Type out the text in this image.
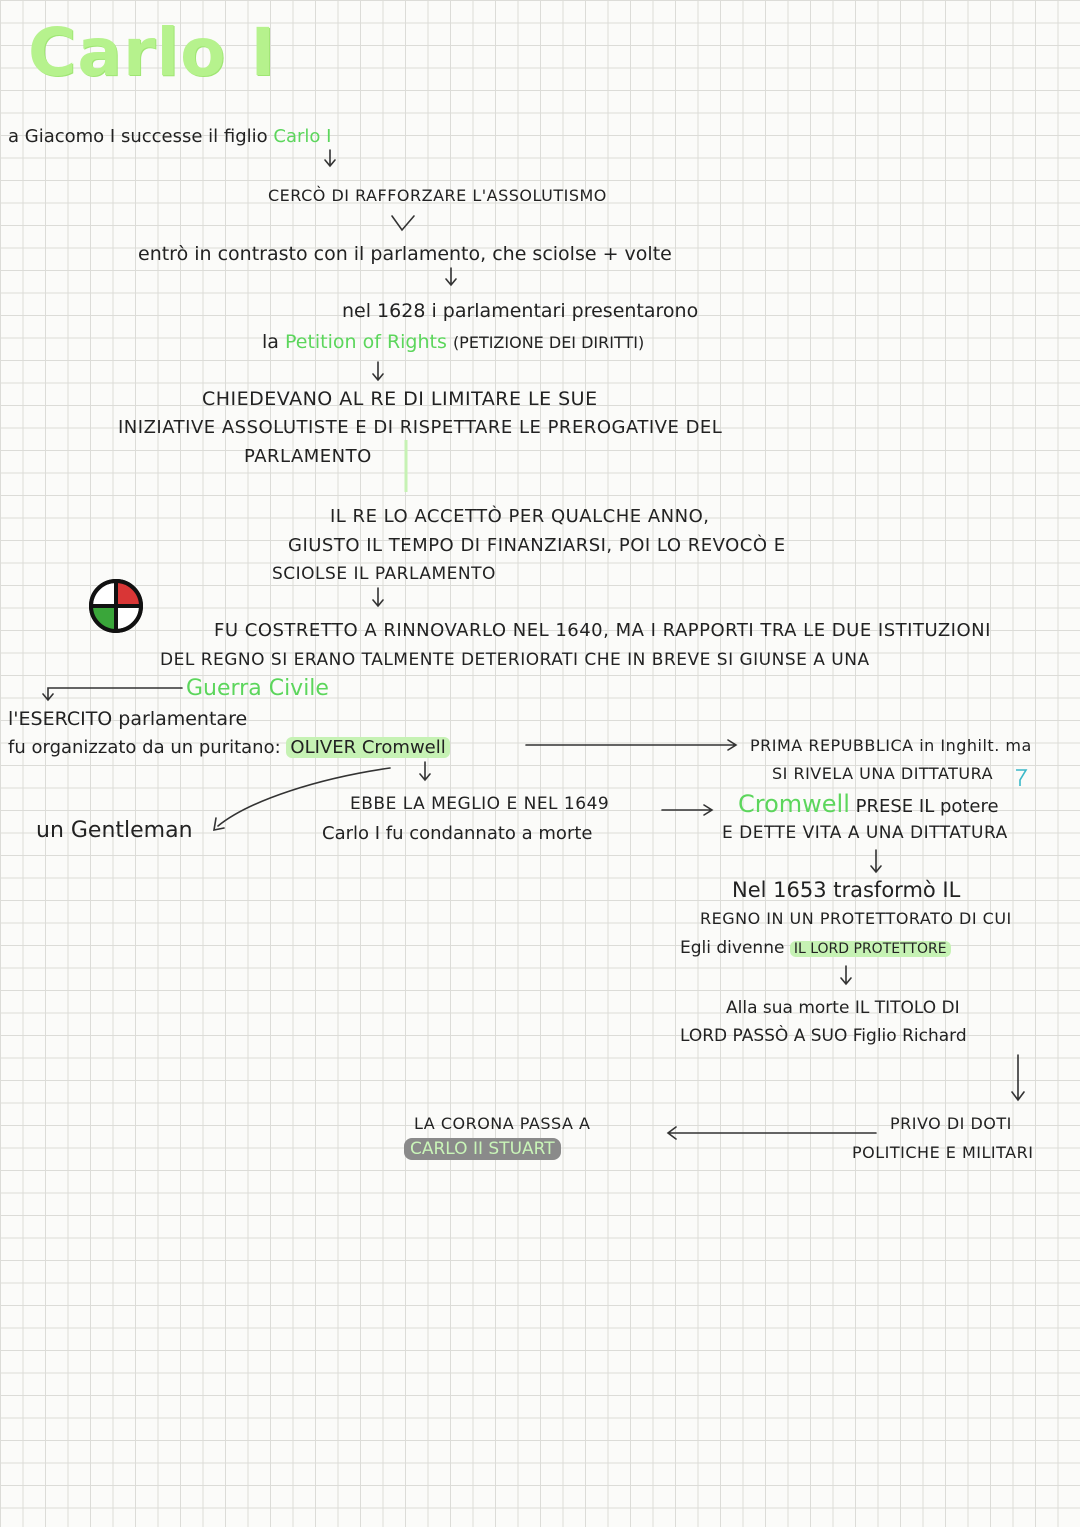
Carlo I
a Giacomo I successe il figlio Carlo I
CERCÒ DI RAFFORZARE L'ASSOLUTISMO
entrò in contrasto con il parlamento, che sciolse + volte
nel 1628 i parlamentari presentarono
la Petition of Rights (PETIZIONE DEI DIRITTI)
CHIEDEVANO AL RE DI LIMITARE LE SUE
INIZIATIVE ASSOLUTISTE E DI RISPETTARE LE PREROGATIVE DEL
PARLAMENTO
IL RE LO ACCETTÒ PER QUALCHE ANNO,
GIUSTO IL TEMPO DI FINANZIARSI, POI LO REVOCÒ E
SCIOLSE IL PARLAMENTO
FU COSTRETTO A RINNOVARLO NEL 1640, MA I RAPPORTI TRA LE DUE ISTITUZIONI
DEL REGNO SI ERANO TALMENTE DETERIORATI CHE IN BREVE SI GIUNSE A UNA
Guerra Civile
l'ESERCITO parlamentare
fu organizzato da un puritano: OLIVER Cromwell
un Gentleman
EBBE LA MEGLIO E NEL 1649
Carlo I fu condannato a morte
PRIMA REPUBBLICA in Inghilt. ma
SI RIVELA UNA DITTATURA
Cromwell PRESE IL potere
E DETTE VITA A UNA DITTATURA
Nel 1653 trasformò IL
REGNO IN UN PROTETTORATO DI CUI
Egli divenne IL LORD PROTETTORE
Alla sua morte IL TITOLO DI
LORD PASSÒ A SUO Figlio Richard
PRIVO DI DOTI
POLITICHE E MILITARI
LA CORONA PASSA A
CARLO II STUART
